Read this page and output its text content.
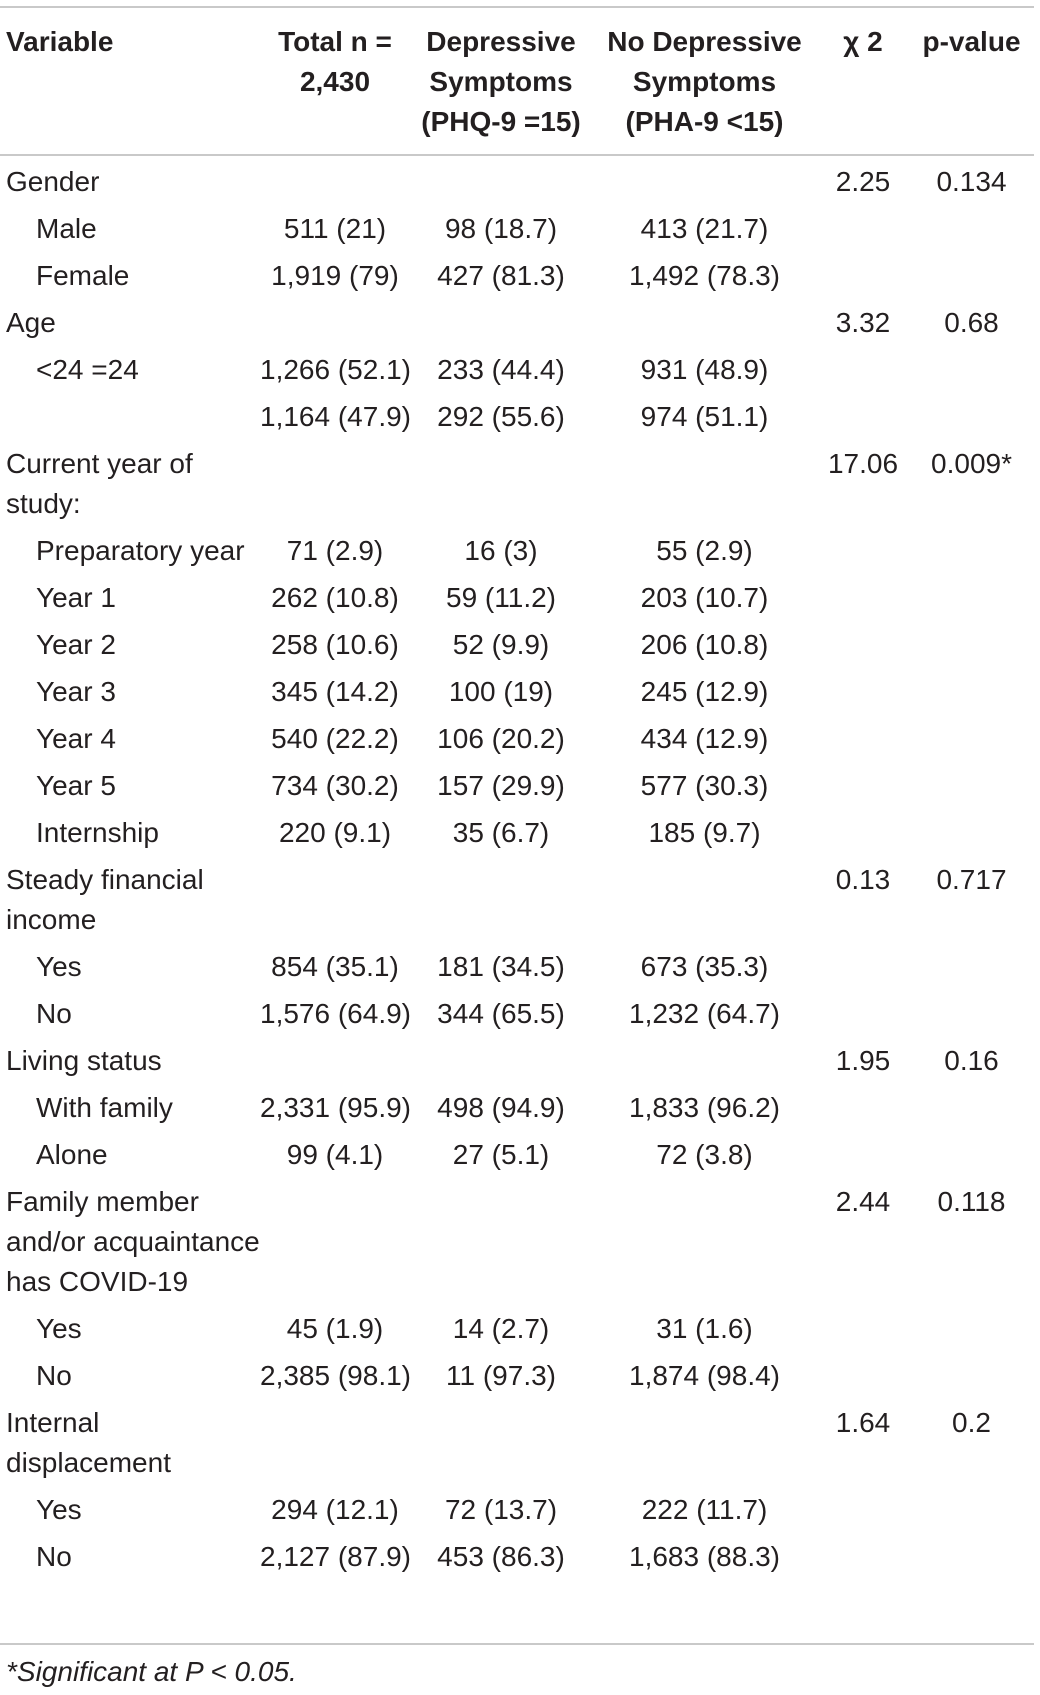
Variable	Total n = 2,430	Depressive Symptoms (PHQ-9 =15)	No Depressive Symptoms (PHA-9 <15)	χ 2	p-value
Gender				2.25	0.134
Male	511 (21)	98 (18.7)	413 (21.7)		
Female	1,919 (79)	427 (81.3)	1,492 (78.3)		
Age				3.32	0.68
<24 =24	1,266 (52.1)	233 (44.4)	931 (48.9)		
	1,164 (47.9)	292 (55.6)	974 (51.1)		
Current year of study:				17.06	0.009*
Preparatory year	71 (2.9)	16 (3)	55 (2.9)		
Year 1	262 (10.8)	59 (11.2)	203 (10.7)		
Year 2	258 (10.6)	52 (9.9)	206 (10.8)		
Year 3	345 (14.2)	100 (19)	245 (12.9)		
Year 4	540 (22.2)	106 (20.2)	434 (12.9)		
Year 5	734 (30.2)	157 (29.9)	577 (30.3)		
Internship	220 (9.1)	35 (6.7)	185 (9.7)		
Steady financial income				0.13	0.717
Yes	854 (35.1)	181 (34.5)	673 (35.3)		
No	1,576 (64.9)	344 (65.5)	1,232 (64.7)		
Living status				1.95	0.16
With family	2,331 (95.9)	498 (94.9)	1,833 (96.2)		
Alone	99 (4.1)	27 (5.1)	72 (3.8)		
Family member and/or acquaintance has COVID-19				2.44	0.118
Yes	45 (1.9)	14 (2.7)	31 (1.6)		
No	2,385 (98.1)	11 (97.3)	1,874 (98.4)		
Internal displacement				1.64	0.2
Yes	294 (12.1)	72 (13.7)	222 (11.7)		
No	2,127 (87.9)	453 (86.3)	1,683 (88.3)		
*Significant at P < 0.05.
